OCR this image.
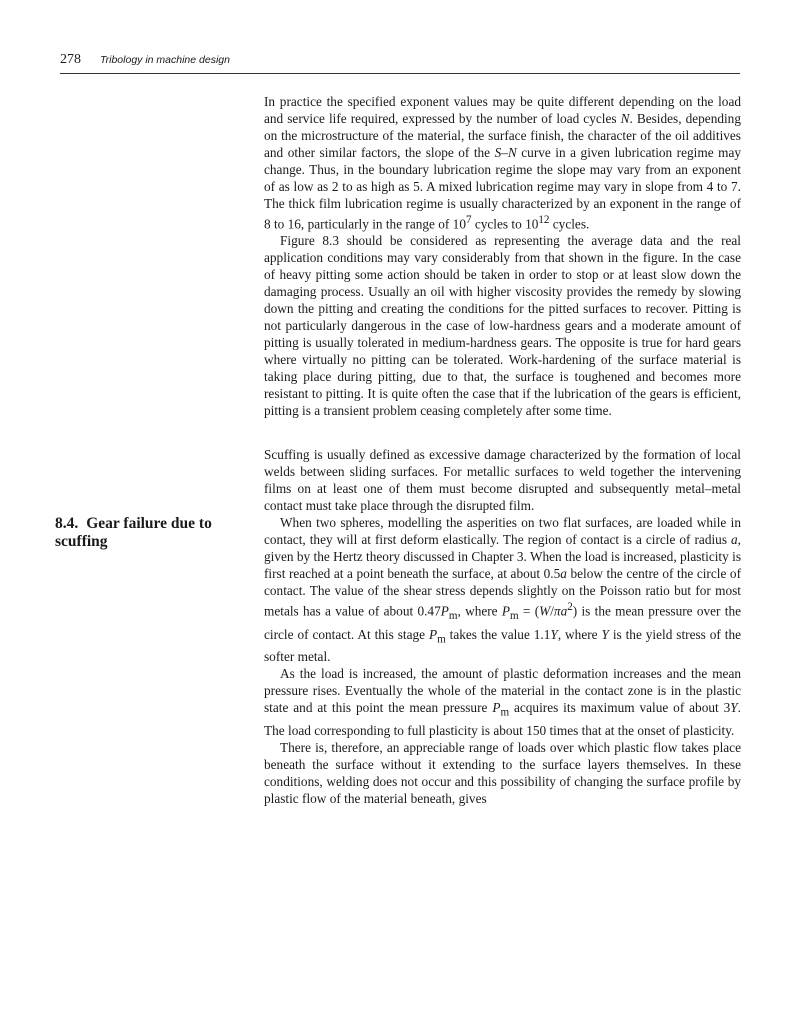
278 Tribology in machine design
8.4. Gear failure due to scuffing

In practice the specified exponent values may be quite different depending on the load and service life required, expressed by the number of load cycles N. Besides, depending on the microstructure of the material, the surface finish, the character of the oil additives and other similar factors, the slope of the S–N curve in a given lubrication regime may change. Thus, in the boundary lubrication regime the slope may vary from an exponent of as low as 2 to as high as 5. A mixed lubrication regime may vary in slope from 4 to 7. The thick film lubrication regime is usually characterized by an exponent in the range of 8 to 16, particularly in the range of $10^7$ cycles to $10^{12}$ cycles.

Figure 8.3 should be considered as representing the average data and the real application conditions may vary considerably from that shown in the figure. In the case of heavy pitting some action should be taken in order to stop or at least slow down the damaging process. Usually an oil with higher viscosity provides the remedy by slowing down the pitting and creating the conditions for the pitted surfaces to recover. Pitting is not particularly dangerous in the case of low-hardness gears and a moderate amount of pitting is usually tolerated in medium-hardness gears. The opposite is true for hard gears where virtually no pitting can be tolerated. Work-hardening of the surface material is taking place during pitting, due to that, the surface is toughened and becomes more resistant to pitting. It is quite often the case that if the lubrication of the gears is efficient, pitting is a transient problem ceasing completely after some time.

Scuffing is usually defined as excessive damage characterized by the formation of local welds between sliding surfaces. For metallic surfaces to weld together the intervening films on at least one of them must become disrupted and subsequently metal–metal contact must take place through the disrupted film.

When two spheres, modelling the asperities on two flat surfaces, are loaded while in contact, they will at first deform elastically. The region of contact is a circle of radius a, given by the Hertz theory discussed in Chapter 3. When the load is increased, plasticity is first reached at a point beneath the surface, at about 0.5a below the centre of the circle of contact. The value of the shear stress depends slightly on the Poisson ratio but for most metals has a value of about $0.47P_m$, where $P_m = (W/\pi a^2)$ is the mean pressure over the circle of contact. At this stage $P_m$ takes the value 1.1Y, where Y is the yield stress of the softer metal.

As the load is increased, the amount of plastic deformation increases and the mean pressure rises. Eventually the whole of the material in the contact zone is in the plastic state and at this point the mean pressure $P_m$ acquires its maximum value of about 3Y. The load corresponding to full plasticity is about 150 times that at the onset of plasticity.

There is, therefore, an appreciable range of loads over which plastic flow takes place beneath the surface without it extending to the surface layers themselves. In these conditions, welding does not occur and this possibility of changing the surface profile by plastic flow of the material beneath, gives
